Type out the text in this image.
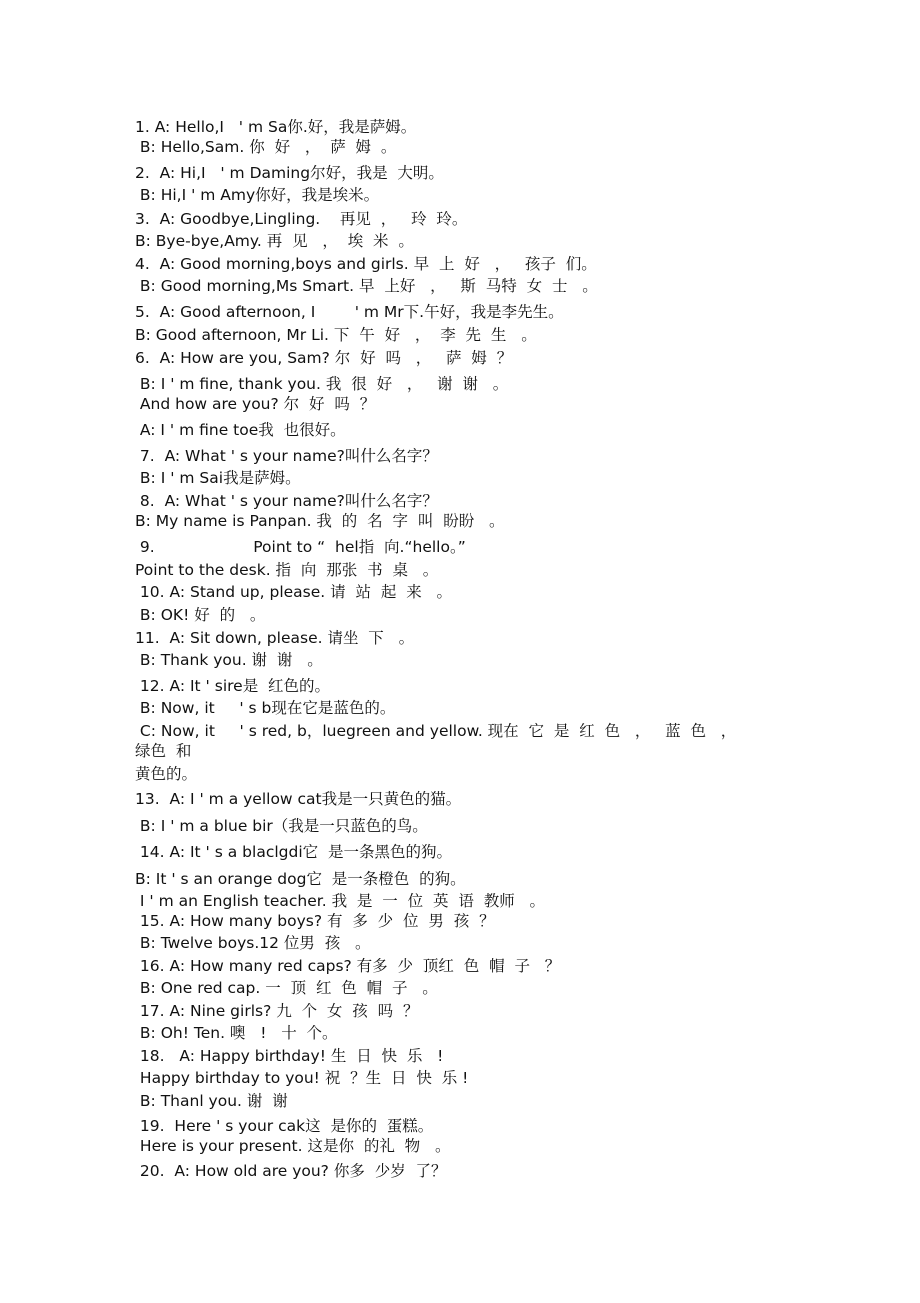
1. A: Hello,I   ' m Sa你.好，我是萨姆。
B: Hello,Sam. 你  好   ，  萨  姆  。
2.  A: Hi,I   ' m Daming尔好，我是  大明。
B: Hi,I ' m Amy你好，我是埃米。
3.  A: Goodbye,Lingling.    再见  ，   玲  玲。
B: Bye-bye,Amy. 再  见   ，  埃  米  。
4.  A: Good morning,boys and girls. 早  上  好   ，   孩子  们。
B: Good morning,Ms Smart. 早  上好   ，   斯  马特  女  士   。
5.  A: Good afternoon, I        ' m Mr下.午好，我是李先生。
B: Good afternoon, Mr Li. 下  午  好   ，  李  先  生   。
6.  A: How are you, Sam? 尔  好  吗   ，   萨  姆  ？
B: I ' m fine, thank you. 我  很  好   ，   谢  谢   。
And how are you? 尔  好  吗  ？
A: I ' m fine toe我  也很好。
7.  A: What ' s your name?叫什么名字？
B: I ' m Sai我是萨姆。
8.  A: What ' s your name?叫什么名字？
B: My name is Panpan. 我  的  名  字  叫  盼盼   。
9.                    Point to “  hel指  向.“hello。”
Point to the desk. 指  向  那张  书  桌   。
10. A: Stand up, please. 请  站  起  来   。
B: OK! 好  的   。
11.  A: Sit down, please. 请坐  下   。
B: Thank you. 谢  谢   。
12. A: It ' sire是  红色的。
B: Now, it     ' s b现在它是蓝色的。
C: Now, it     ' s red, b，luegreen and yellow. 现在  它  是  红  色   ，   蓝  色   ，
绿色  和
黄色的。
13.  A: I ' m a yellow cat我是一只黄色的猫。
B: I ' m a blue bir（我是一只蓝色的鸟。
14. A: It ' s a blaclgdi它  是一条黑色的狗。
B: It ' s an orange dog它  是一条橙色  的狗。
I ' m an English teacher. 我  是  一  位  英  语  教师   。
15. A: How many boys? 有  多  少  位  男  孩  ？
B: Twelve boys.12 位男  孩   。
16. A: How many red caps? 有多  少  顶红  色  帽  子   ？
B: One red cap. 一  顶  红  色  帽  子   。
17. A: Nine girls? 九  个  女  孩  吗  ？
B: Oh! Ten. 噢   !   十  个。
18.   A: Happy birthday! 生  日  快  乐   !
Happy birthday to you! 祝  ？生  日  快  乐 !
B: Thanl you. 谢  谢
19.  Here ' s your cak这  是你的  蛋糕。
Here is your present. 这是你  的礼  物   。
20.  A: How old are you? 你多  少岁  了？
